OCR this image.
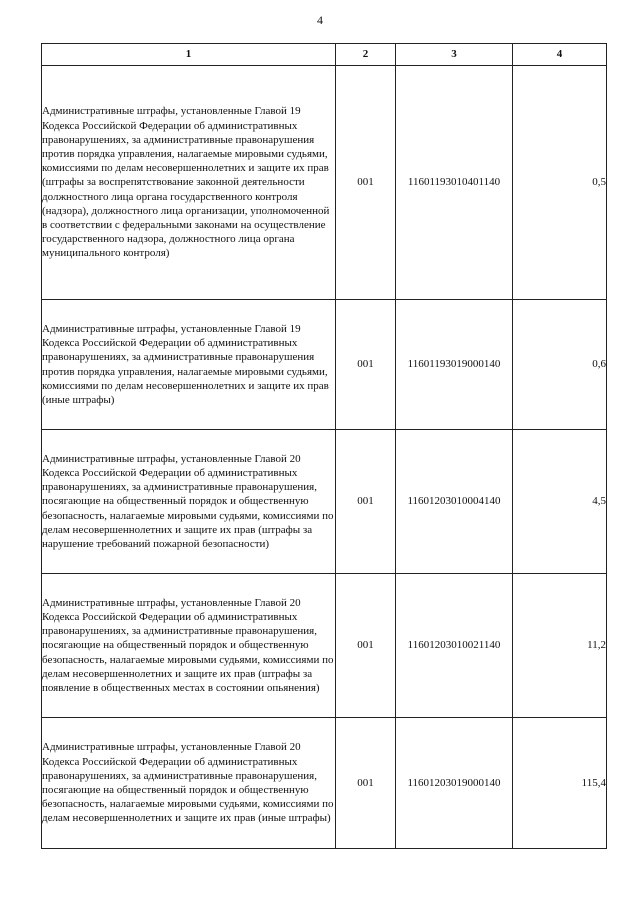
4
1	2	3	4
Административные штрафы, установленные Главой 19 Кодекса Российской Федерации об административных правонарушениях, за административные правонарушения против порядка управления, налагаемые мировыми судьями, комиссиями по делам несовершеннолетних и защите их прав (штрафы за воспрепятствование законной деятельности должностного лица органа государственного контроля (надзора), должностного лица организации, уполномоченной в соответствии с федеральными законами на осуществление государственного надзора, должностного лица органа муниципального контроля)	001	11601193010401140	0,5
Административные штрафы, установленные Главой 19 Кодекса Российской Федерации об административных правонарушениях, за административные правонарушения против порядка управления, налагаемые мировыми судьями, комиссиями по делам несовершеннолетних и защите их прав (иные штрафы)	001	11601193019000140	0,6
Административные штрафы, установленные Главой 20 Кодекса Российской Федерации об административных правонарушениях, за административные правонарушения, посягающие на общественный порядок и общественную безопасность, налагаемые мировыми судьями, комиссиями по делам несовершеннолетних и защите их прав (штрафы за нарушение требований пожарной безопасности)	001	11601203010004140	4,5
Административные штрафы, установленные Главой 20 Кодекса Российской Федерации об административных правонарушениях, за административные правонарушения, посягающие на общественный порядок и общественную безопасность, налагаемые мировыми судьями, комиссиями по делам несовершеннолетних и защите их прав (штрафы за появление в общественных местах в состоянии опьянения)	001	11601203010021140	11,2
Административные штрафы, установленные Главой 20 Кодекса Российской Федерации об административных правонарушениях, за административные правонарушения, посягающие на общественный порядок и общественную безопасность, налагаемые мировыми судьями, комиссиями по делам несовершеннолетних и защите их прав (иные штрафы)	001	11601203019000140	115,4
